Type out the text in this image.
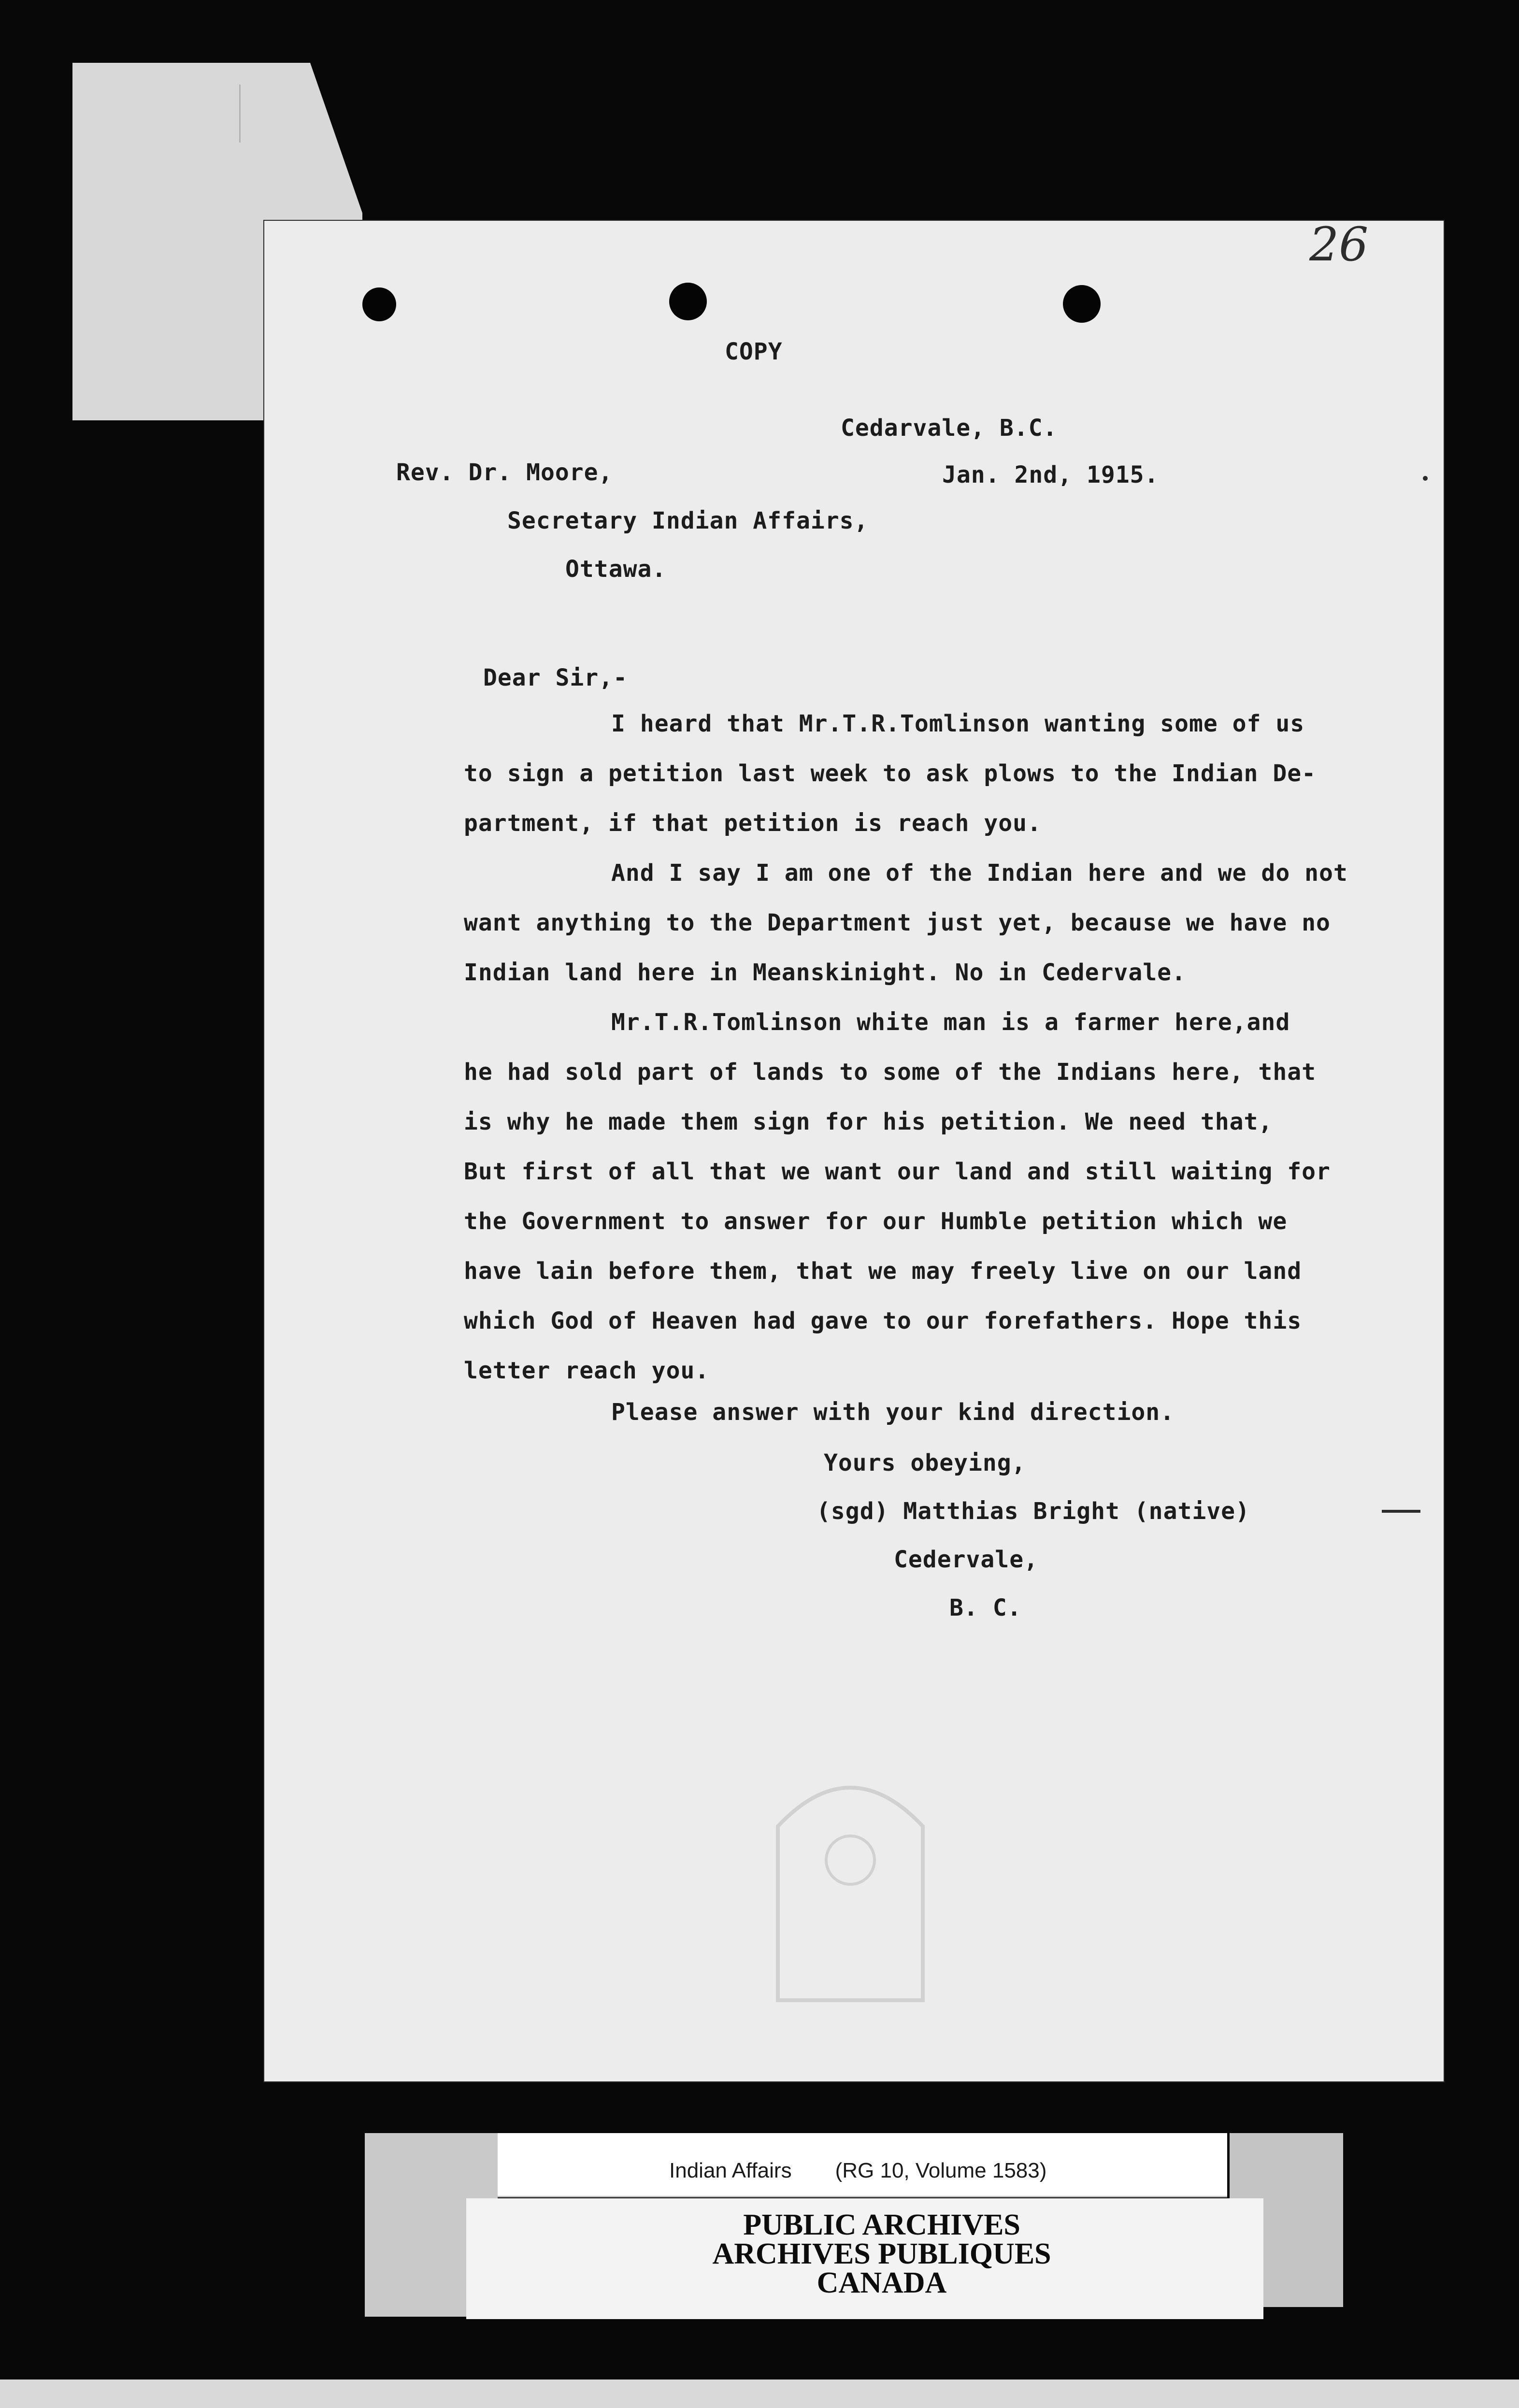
26
COPY
Cedarvale, B.C.
Rev. Dr. Moore,	Jan. 2nd, 1915.
Secretary Indian Affairs,
Ottawa.
Dear Sir,-
I heard that Mr.T.R.Tomlinson wanting some of us
to sign a petition last week to ask plows to the Indian De-
partment, if that petition is reach you.
And I say I am one of the Indian here and we do not
want anything to the Department just yet, because we have no
Indian land here in Meanskinight. No in Cedervale.
Mr.T.R.Tomlinson white man is a farmer here,and
he had sold part of lands to some of the Indians here, that
is why he made them sign for his petition. We need that,
But first of all that we want our land and still waiting for
the Government to answer for our Humble petition which we
have lain before them, that we may freely live on our land
which God of Heaven had gave to our forefathers. Hope this
letter reach you.
Please answer with your kind direction.
Yours obeying,
(sgd) Matthias Bright (native)
Cedervale,
B. C.
Indian Affairs (RG 10, Volume 1583)
PUBLIC ARCHIVES
ARCHIVES PUBLIQUES
CANADA
